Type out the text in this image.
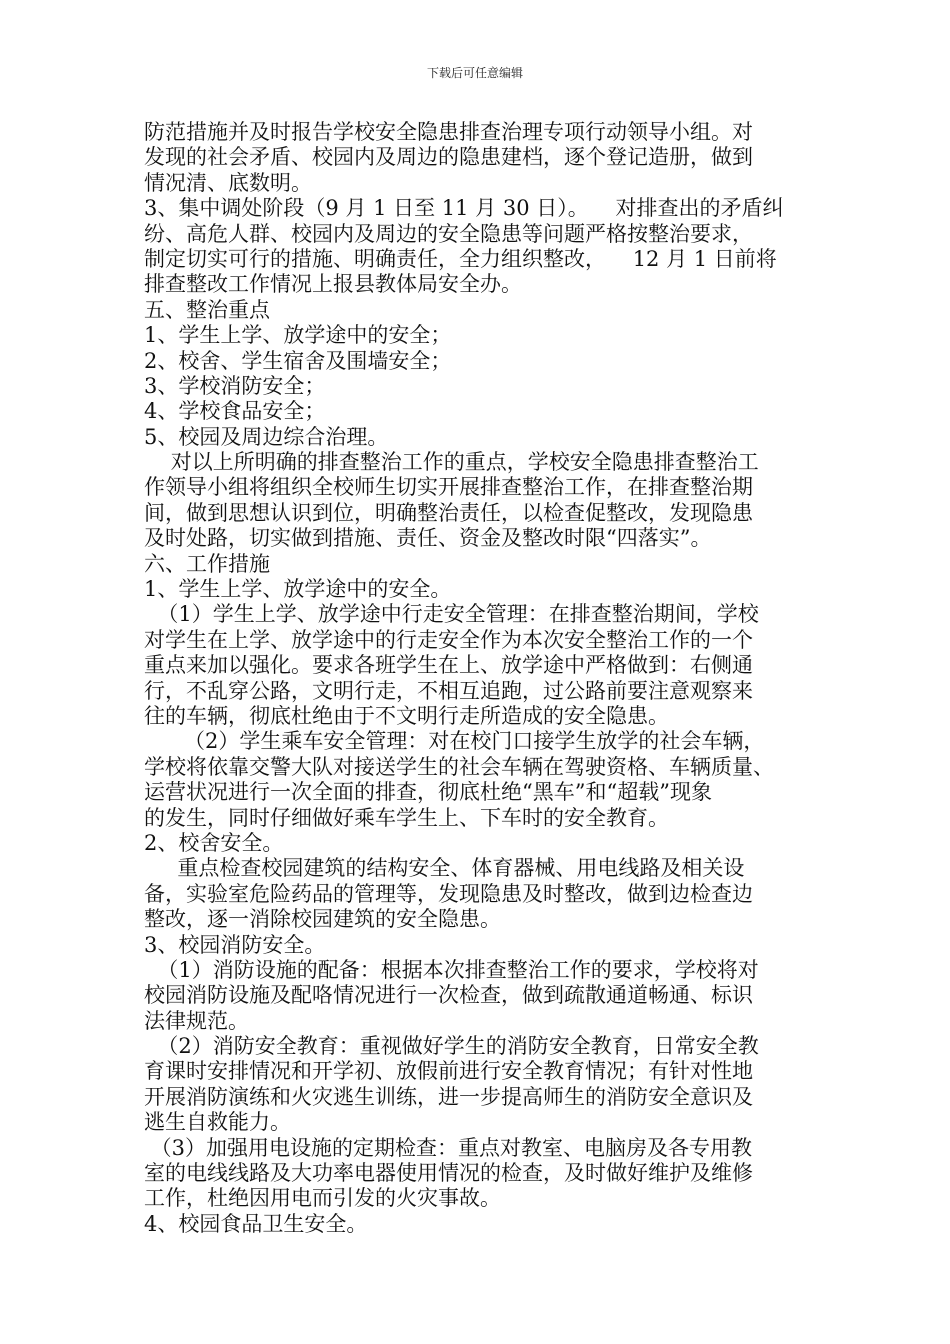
下载后可任意编辑
防范措施并及时报告学校安全隐患排查治理专项行动领导小组。对
发现的社会矛盾、校园内及周边的隐患建档，逐个登记造册，做到
情况清、底数明。
3、集中调处阶段（9 月 1 日至 11 月 30 日）。    对排查出的矛盾纠
纷、高危人群、校园内及周边的安全隐患等问题严格按整治要求，
制定切实可行的措施、明确责任，全力组织整改，    12 月 1 日前将
排查整改工作情况上报县教体局安全办。
五、整治重点
1、学生上学、放学途中的安全；
2、校舍、学生宿舍及围墙安全；
3、学校消防安全；
4、学校食品安全；
5、校园及周边综合治理。
对以上所明确的排查整治工作的重点，学校安全隐患排查整治工
作领导小组将组织全校师生切实开展排查整治工作，在排查整治期
间，做到思想认识到位，明确整治责任，以检查促整改，发现隐患
及时处路，切实做到措施、责任、资金及整改时限“四落实”。
六、工作措施
1、学生上学、放学途中的安全。
（1）学生上学、放学途中行走安全管理：在排查整治期间，学校
对学生在上学、放学途中的行走安全作为本次安全整治工作的一个
重点来加以强化。要求各班学生在上、放学途中严格做到：右侧通
行，不乱穿公路，文明行走，不相互追跑，过公路前要注意观察来
往的车辆，彻底杜绝由于不文明行走所造成的安全隐患。
（2）学生乘车安全管理：对在校门口接学生放学的社会车辆，
学校将依靠交警大队对接送学生的社会车辆在驾驶资格、车辆质量、
运营状况进行一次全面的排查，彻底杜绝“黑车”和“超载”现象
的发生，同时仔细做好乘车学生上、下车时的安全教育。
2、校舍安全。
重点检查校园建筑的结构安全、体育器械、用电线路及相关设
备，实验室危险药品的管理等，发现隐患及时整改，做到边检查边
整改，逐一消除校园建筑的安全隐患。
3、校园消防安全。
（1）消防设施的配备：根据本次排查整治工作的要求，学校将对
校园消防设施及配咯情况进行一次检查，做到疏散通道畅通、标识
法律规范。
（2）消防安全教育：重视做好学生的消防安全教育，日常安全教
育课时安排情况和开学初、放假前进行安全教育情况；有针对性地
开展消防演练和火灾逃生训练，进一步提高师生的消防安全意识及
逃生自救能力。
（3）加强用电设施的定期检查：重点对教室、电脑房及各专用教
室的电线线路及大功率电器使用情况的检查，及时做好维护及维修
工作，杜绝因用电而引发的火灾事故。
4、校园食品卫生安全。
